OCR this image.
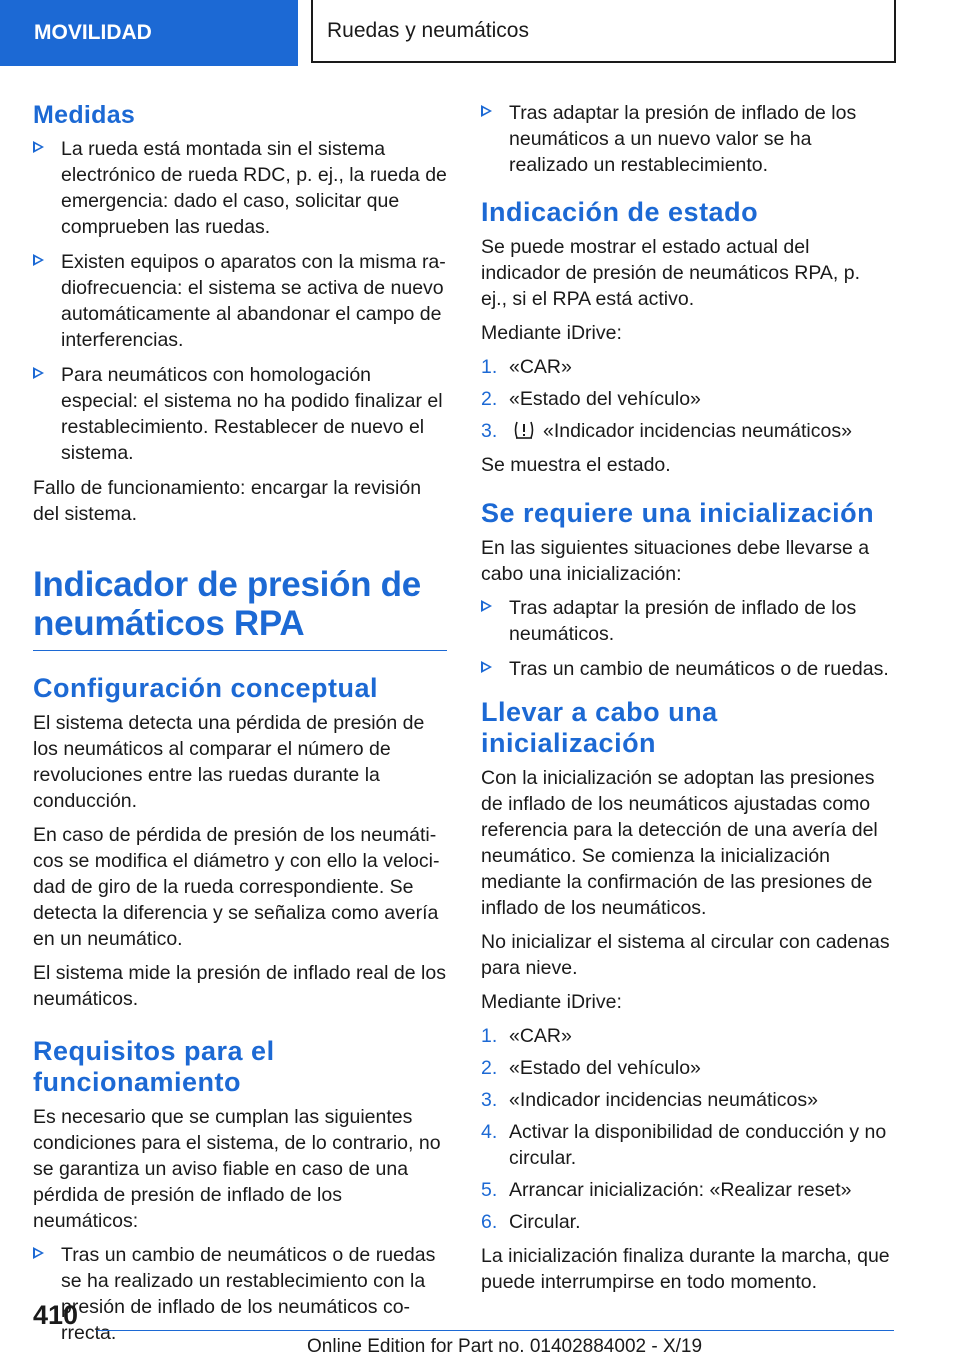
MOVILIDAD	Ruedas y neumáticos
Medidas
La rueda está montada sin el sistema electrónico de rueda RDC, p. ej., la rueda de emergencia: dado el caso, solicitar que comprueben las ruedas.
Existen equipos o aparatos con la misma radiofrecuencia: el sistema se activa de nuevo automáticamente al abandonar el campo de interferencias.
Para neumáticos con homologación especial: el sistema no ha podido finalizar el restablecimiento. Restablecer de nuevo el sistema.

Fallo de funcionamiento: encargar la revisión del sistema.

Indicador de presión de
neumáticos RPA
Configuración conceptual

El sistema detecta una pérdida de presión de los neumáticos al comparar el número de revoluciones entre las ruedas durante la conducción.

En caso de pérdida de presión de los neumáticos se modifica el diámetro y con ello la velocidad de giro de la rueda correspondiente. Se detecta la diferencia y se señaliza como avería en un neumático.

El sistema mide la presión de inflado real de los neumáticos.

Requisitos para el
funcionamiento

Es necesario que se cumplan las siguientes condiciones para el sistema, de lo contrario, no se garantiza un aviso fiable en caso de una pérdida de presión de inflado de los neumáticos:

Tras un cambio de neumáticos o de ruedas se ha realizado un restablecimiento con la presión de inflado de los neumáticos correcta.
Tras adaptar la presión de inflado de los neumáticos a un nuevo valor se ha realizado un restablecimiento.
Indicación de estado

Se puede mostrar el estado actual del indicador de presión de neumáticos RPA, p. ej., si el RPA está activo.

Mediante iDrive:

1. «CAR»
2. «Estado del vehículo»
3. «Indicador incidencias neumáticos»

Se muestra el estado.

Se requiere una inicialización

En las siguientes situaciones debe llevarse a cabo una inicialización:

Tras adaptar la presión de inflado de los neumáticos.
Tras un cambio de neumáticos o de ruedas.
Llevar a cabo una inicialización

Con la inicialización se adoptan las presiones de inflado de los neumáticos ajustadas como referencia para la detección de una avería del neumático. Se comienza la inicialización mediante la confirmación de las presiones de inflado de los neumáticos.

No inicializar el sistema al circular con cadenas para nieve.

Mediante iDrive:

1. «CAR»
2. «Estado del vehículo»
3. «Indicador incidencias neumáticos»
4. Activar la disponibilidad de conducción y no circular.
5. Arrancar inicialización: «Realizar reset»
6. Circular.

La inicialización finaliza durante la marcha, que puede interrumpirse en todo momento.

410
Online Edition for Part no. 01402884002 - X/19
